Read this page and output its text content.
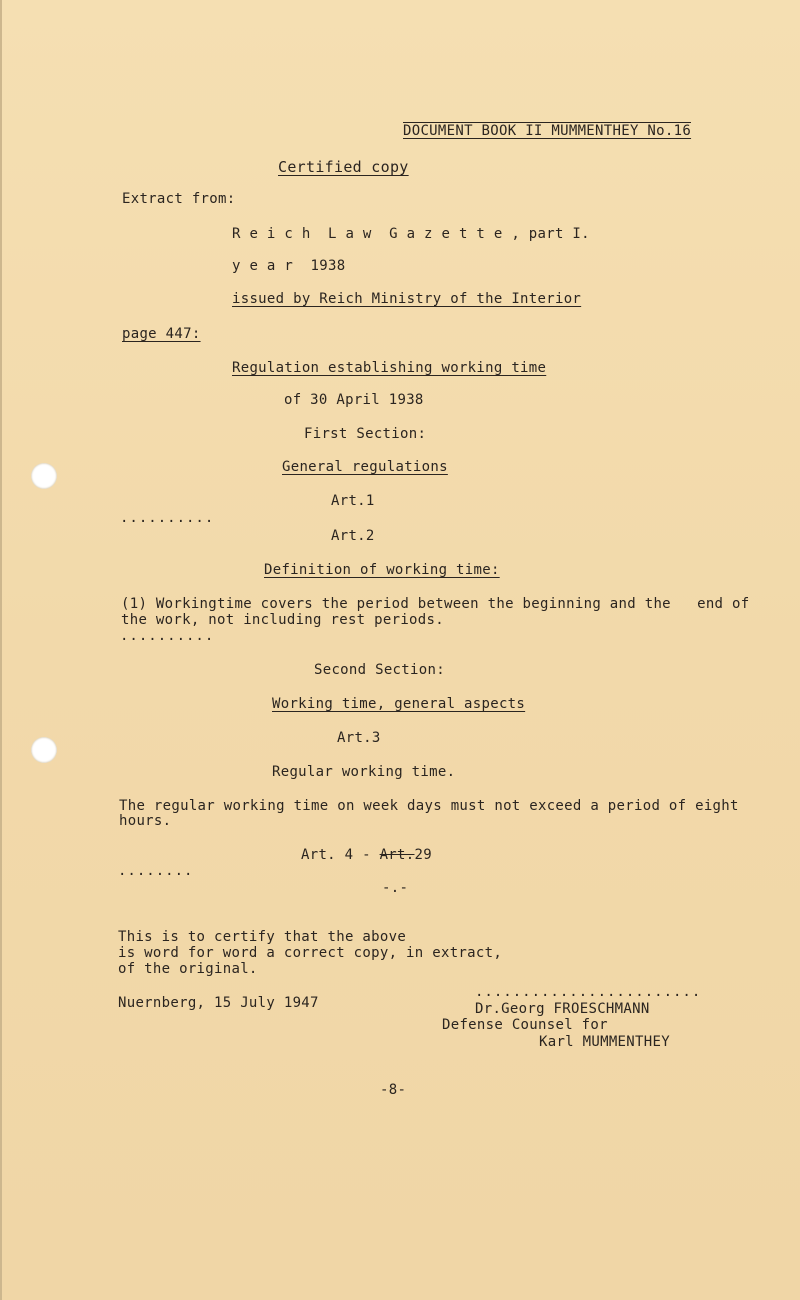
DOCUMENT BOOK II MUMMENTHEY No.16
Certified copy
Extract from:
R e i c h  L a w  G a z e t t e , part I.
y e a r  1938
issued by Reich Ministry of the Interior
page 447:
Regulation establishing working time
of 30 April 1938
First Section:
General regulations
Art.1
..........
Art.2
Definition of working time:
(1) Workingtime covers the period between the beginning and the   end of
the work, not including rest periods.
..........
Second Section:
Working time, general aspects
Art.3
Regular working time.
The regular working time on week days must not exceed a period of eight
hours.
Art. 4 - Art.29
........
-.-
This is to certify that the above
is word for word a correct copy, in extract,
of the original.
Nuernberg, 15 July 1947
........................
Dr.Georg FROESCHMANN
Defense Counsel for
Karl MUMMENTHEY
-8-
